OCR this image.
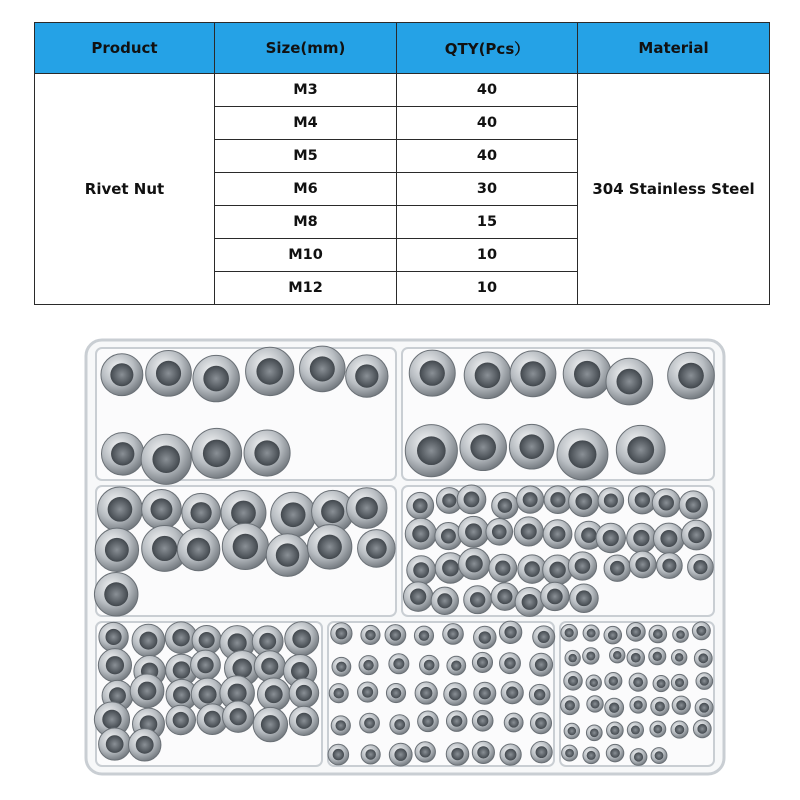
Product	Size(mm)	QTY(Pcs）	Material
Rivet Nut	M3	40	304 Stainless Steel
	M4	40	
	M5	40	
	M6	30	
	M8	15	
	M10	10	
	M12	10	
